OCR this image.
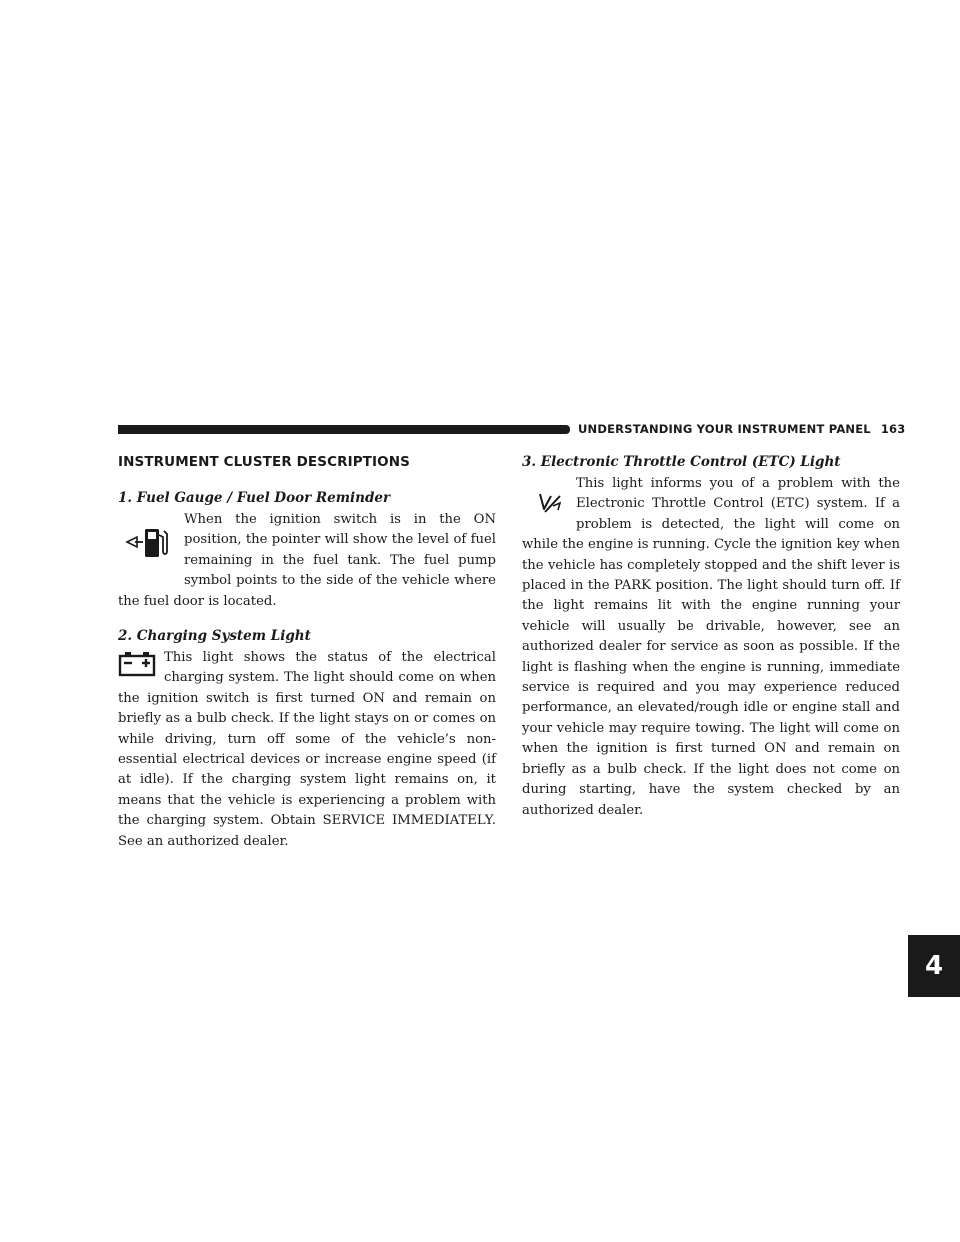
UNDERSTANDING YOUR INSTRUMENT PANEL 163
4
INSTRUMENT CLUSTER DESCRIPTIONS
1. Fuel Gauge / Fuel Door Reminder

When the ignition switch is in the ON position, the pointer will show the level of fuel remaining in the fuel tank. The fuel pump symbol points to the side of the vehicle where the fuel door is located.

2. Charging System Light

This light shows the status of the electrical charging system. The light should come on when the ignition switch is first turned ON and remain on briefly as a bulb check. If the light stays on or comes on while driving, turn off some of the vehicle’s non-essential electrical devices or increase engine speed (if at idle). If the charging system light remains on, it means that the vehicle is experiencing a problem with the charging system. Obtain SERVICE IMMEDIATELY. See an authorized dealer.

3. Electronic Throttle Control (ETC) Light

This light informs you of a problem with the Electronic Throttle Control (ETC) system. If a problem is detected, the light will come on while the engine is running. Cycle the ignition key when the vehicle has completely stopped and the shift lever is placed in the PARK position. The light should turn off. If the light remains lit with the engine running your vehicle will usually be drivable, however, see an authorized dealer for service as soon as possible. If the light is flashing when the engine is running, immediate service is required and you may experience reduced performance, an elevated/rough idle or engine stall and your vehicle may require towing. The light will come on when the ignition is first turned ON and remain on briefly as a bulb check. If the light does not come on during starting, have the system checked by an authorized dealer.
